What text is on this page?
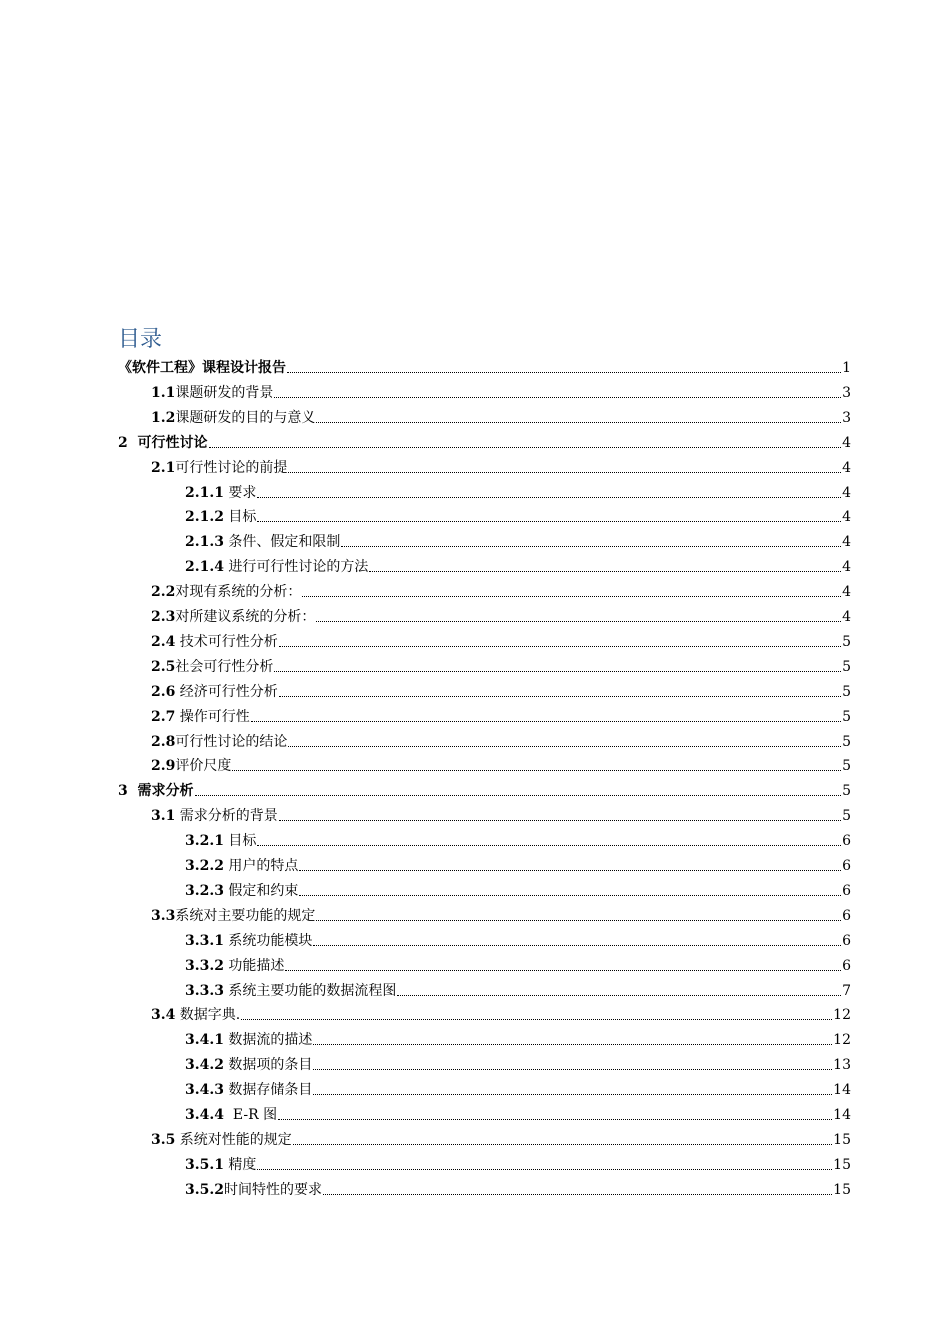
目录
《软件工程》课程设计报告	1
1.1课题研发的背景	3
1.2课题研发的目的与意义	3
2  可行性讨论	4
2.1可行性讨论的前提	4
2.1.1 要求	4
2.1.2 目标	4
2.1.3 条件、假定和限制	4
2.1.4 进行可行性讨论的方法	4
2.2对现有系统的分析：	4
2.3对所建议系统的分析：	4
2.4 技术可行性分析	5
2.5社会可行性分析	5
2.6 经济可行性分析	5
2.7 操作可行性	5
2.8可行性讨论的结论	5
2.9评价尺度	5
3  需求分析	5
3.1 需求分析的背景	5
3.2.1 目标	6
3.2.2 用户的特点	6
3.2.3 假定和约束	6
3.3系统对主要功能的规定	6
3.3.1 系统功能模块	6
3.3.2 功能描述	6
3.3.3 系统主要功能的数据流程图	7
3.4 数据字典.	12
3.4.1 数据流的描述	12
3.4.2 数据项的条目	13
3.4.3 数据存储条目	14
3.4.4  E-R 图	14
3.5 系统对性能的规定	15
3.5.1 精度	15
3.5.2时间特性的要求	15
